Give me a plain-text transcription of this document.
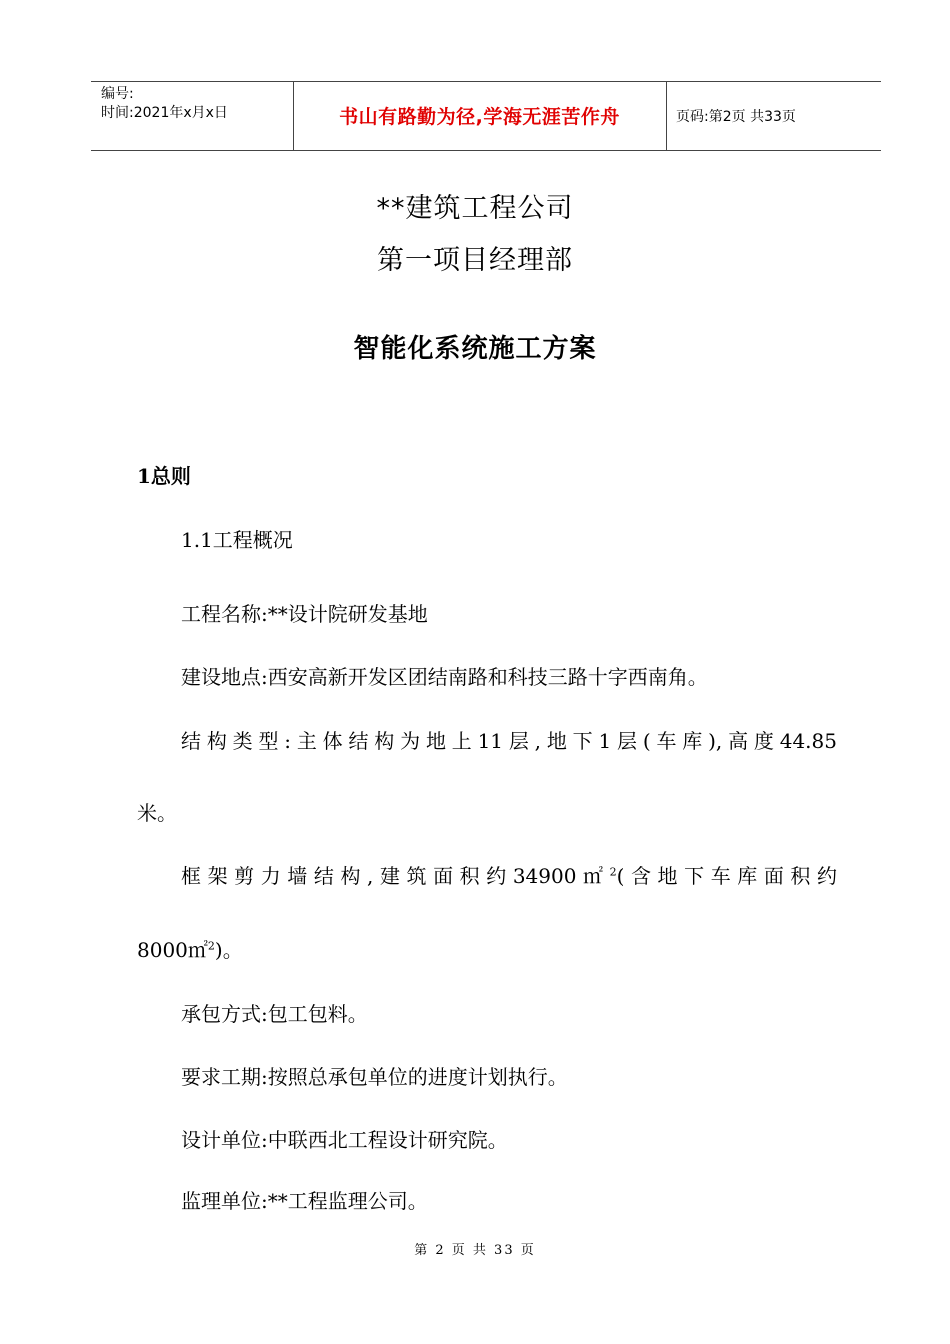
编号:
时间:2021年x月x日	书山有路勤为径,学海无涯苦作舟	页码:第2页 共33页
**建筑工程公司
第一项目经理部
智能化系统施工方案
1总则
1.1工程概况
工程名称:**设计院研发基地
建设地点:西安高新开发区团结南路和科技三路十字西南角。
结构类型:主体结构为地上11层,地下1层(车库),高度44.85
米。
框架剪力墙结构,建筑面积约34900㎡$^2$(含地下车库面积约
8000㎡$^2$)。
承包方式:包工包料。
要求工期:按照总承包单位的进度计划执行。
设计单位:中联西北工程设计研究院。
监理单位:**工程监理公司。
第 2 页 共 33 页
